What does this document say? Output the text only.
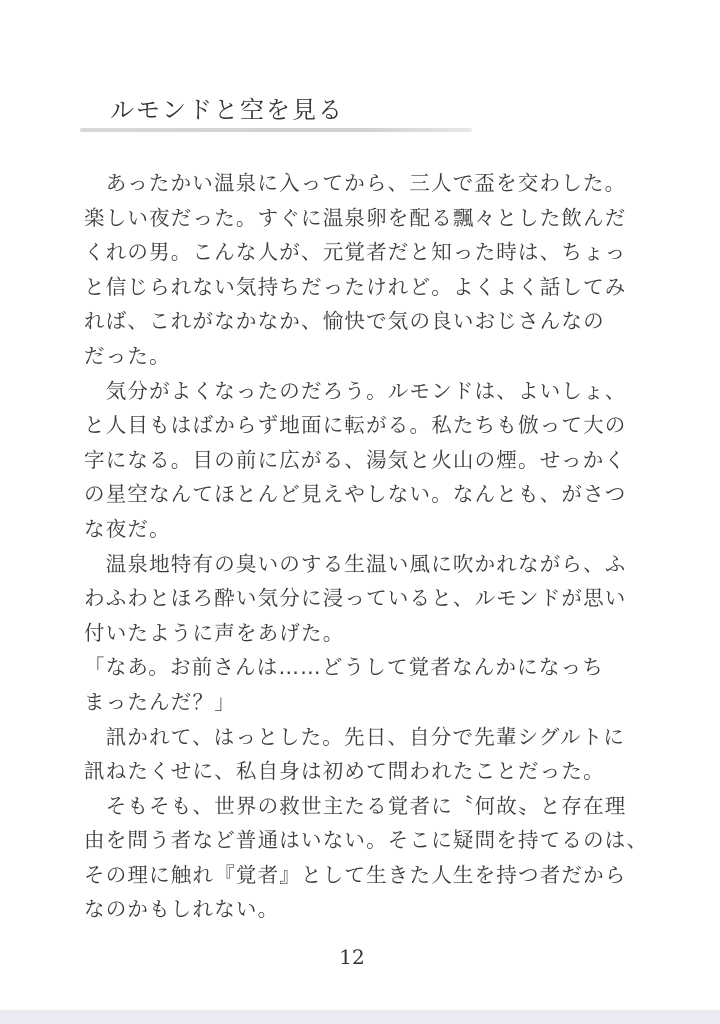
ルモンドと空を見る
　あったかい温泉に入ってから、三人で盃を交わした。
楽しい夜だった。すぐに温泉卵を配る飄々とした飲んだ
くれの男。こんな人が、元覚者だと知った時は、ちょっ
と信じられない気持ちだったけれど。よくよく話してみ
れば、これがなかなか、愉快で気の良いおじさんなの
だった。
　気分がよくなったのだろう。ルモンドは、よいしょ、
と人目もはばからず地面に転がる。私たちも倣って大の
字になる。目の前に広がる、湯気と火山の煙。せっかく
の星空なんてほとんど見えやしない。なんとも、がさつ
な夜だ。
　温泉地特有の臭いのする生温い風に吹かれながら、ふ
わふわとほろ酔い気分に浸っていると、ルモンドが思い
付いたように声をあげた。
「なあ。お前さんは……どうして覚者なんかになっち
まったんだ？」
　訊かれて、はっとした。先日、自分で先輩シグルトに
訊ねたくせに、私自身は初めて問われたことだった。
　そもそも、世界の救世主たる覚者に〝何故〟と存在理
由を問う者など普通はいない。そこに疑問を持てるのは、
その理に触れ『覚者』として生きた人生を持つ者だから
なのかもしれない。
12
